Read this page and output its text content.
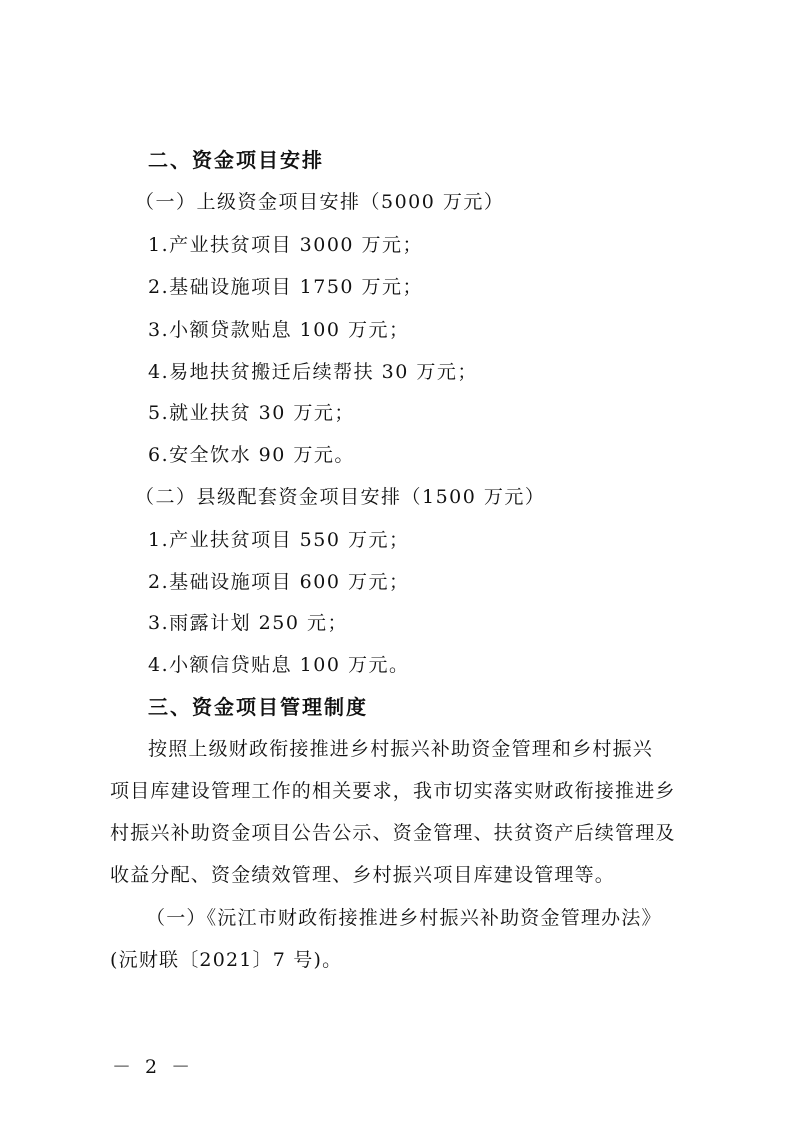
二、资金项目安排
（一）上级资金项目安排（5000 万元）
1.产业扶贫项目 3000 万元；
2.基础设施项目 1750 万元；
3.小额贷款贴息 100 万元；
4.易地扶贫搬迁后续帮扶 30 万元；
5.就业扶贫 30 万元；
6.安全饮水 90 万元。
（二）县级配套资金项目安排（1500 万元）
1.产业扶贫项目 550 万元；
2.基础设施项目 600 万元；
3.雨露计划 250 元；
4.小额信贷贴息 100 万元。
三、资金项目管理制度
按照上级财政衔接推进乡村振兴补助资金管理和乡村振兴
项目库建设管理工作的相关要求，我市切实落实财政衔接推进乡
村振兴补助资金项目公告公示、资金管理、扶贫资产后续管理及
收益分配、资金绩效管理、乡村振兴项目库建设管理等。
（一）《沅江市财政衔接推进乡村振兴补助资金管理办法》
(沅财联〔2021〕7 号)。
－ 2 －
